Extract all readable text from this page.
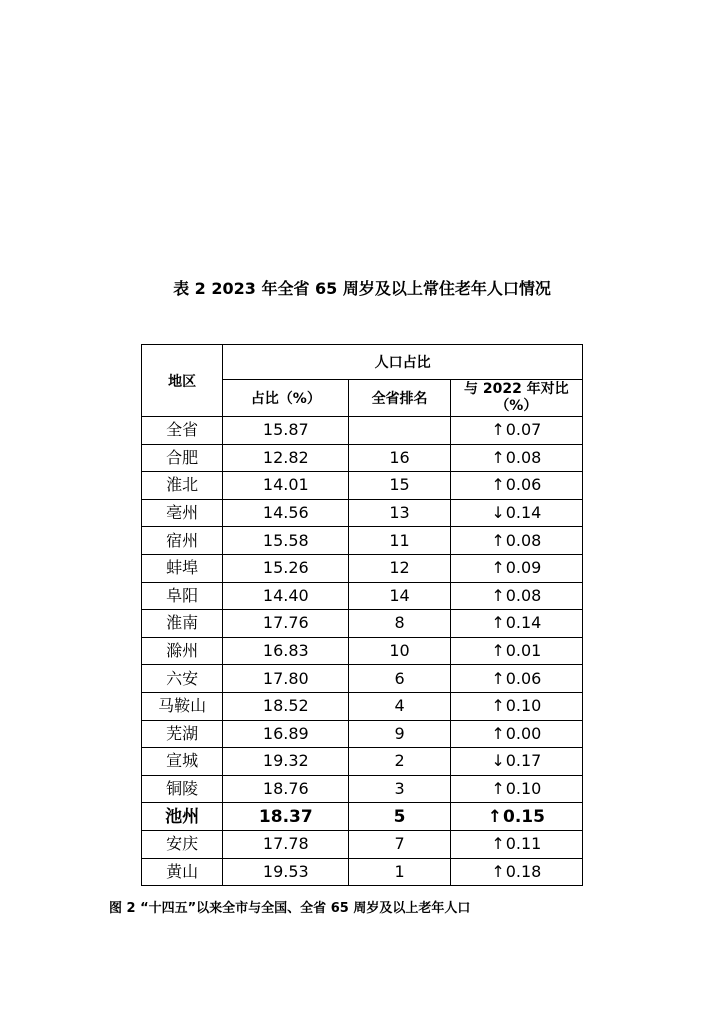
表 2 2023 年全省 65 周岁及以上常住老年人口情况
地区	人口占比		
	占比（%）	全省排名	与 2022 年对比（%）

全省	15.87		↑0.07
合肥	12.82	16	↑0.08
淮北	14.01	15	↑0.06
亳州	14.56	13	↓0.14
宿州	15.58	11	↑0.08
蚌埠	15.26	12	↑0.09
阜阳	14.40	14	↑0.08
淮南	17.76	8	↑0.14
滁州	16.83	10	↑0.01
六安	17.80	6	↑0.06
马鞍山	18.52	4	↑0.10
芜湖	16.89	9	↑0.00
宣城	19.32	2	↓0.17
铜陵	18.76	3	↑0.10
池州	18.37	5	↑0.15
安庆	17.78	7	↑0.11
黄山	19.53	1	↑0.18
图 2 “十四五”以来全市与全国、全省 65 周岁及以上老年人口
